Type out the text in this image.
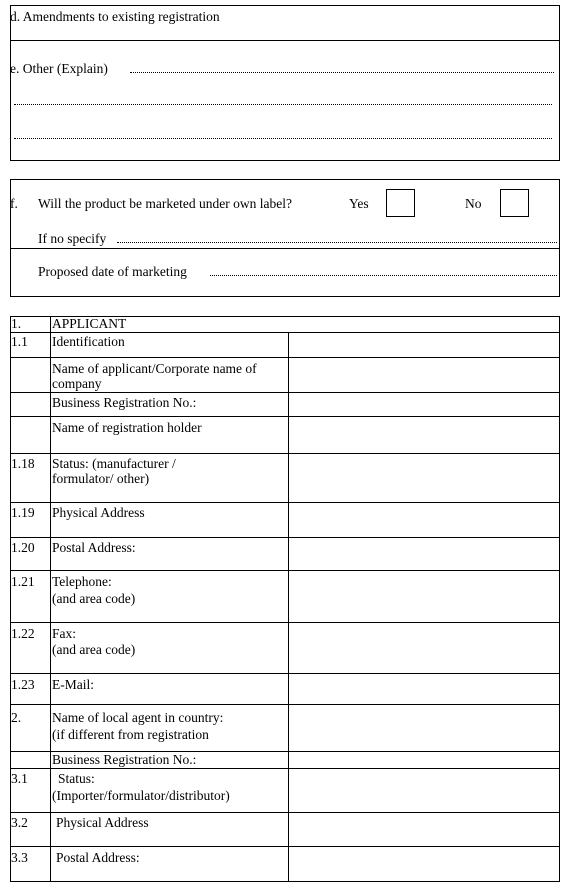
d. Amendments to existing registration
e. Other (Explain)
f. Will the product be marketed under own label?	Yes	No
If no specify
Proposed date of marketing
1.
1.1
1.18
1.19
1.20
1.21
1.22
1.23
2.
3.1
3.2
3.3
APPLICANT
Identification
Name of applicant/Corporate name of company
Business Registration No.:
Name of registration holder
Status: (manufacturer / formulator/ other)
Physical Address
Postal Address:
Telephone:
(and area code)
Fax:
(and area code)
E-Mail:
Name of local agent in country:
(if different from registration
Business Registration No.:
Status:
(Importer/formulator/distributor)
Physical Address
Postal Address:
